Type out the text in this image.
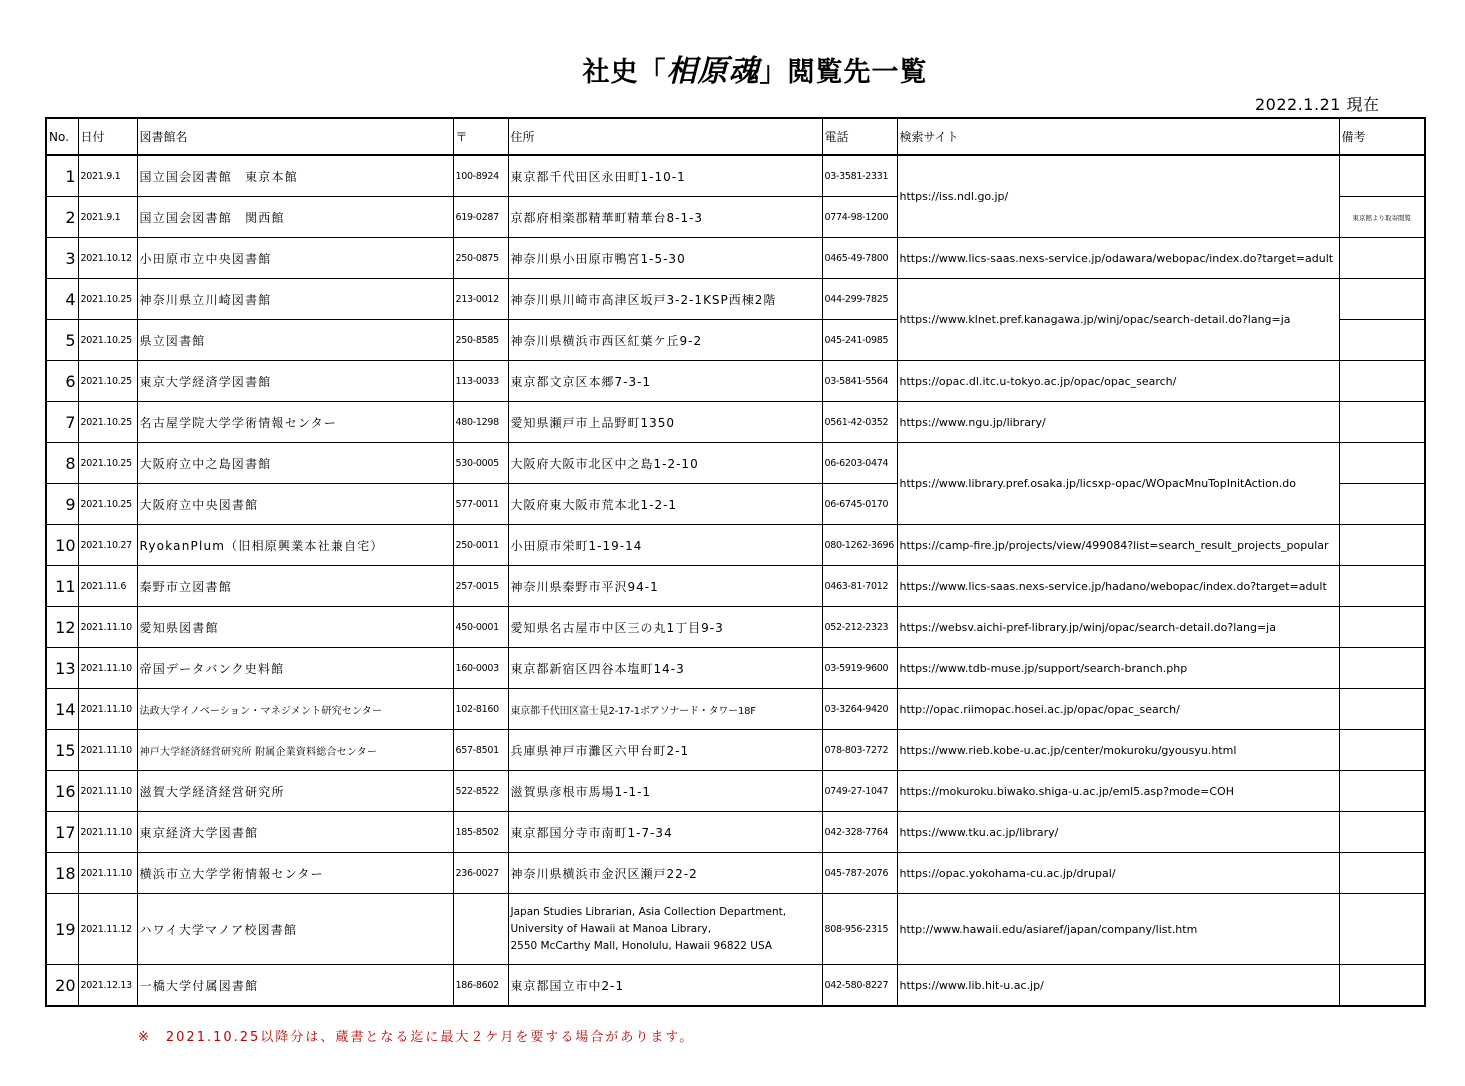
社史「相原魂」閲覧先一覧
2022.1.21 現在
No.	日付	図書館名	〒	住所	電話	検索サイト	備考
1	2021.9.1	国立国会図書館　東京本館	100-8924	東京都千代田区永田町1-10-1	03-3581-2331	https://iss.ndl.go.jp/	
2	2021.9.1	国立国会図書館　関西館	619-0287	京都府相楽郡精華町精華台8-1-3	0774-98-1200		東京館より取寄閲覧
3	2021.10.12	小田原市立中央図書館	250-0875	神奈川県小田原市鴨宮1-5-30	0465-49-7800	https://www.lics-saas.nexs-service.jp/odawara/webopac/index.do?target=adult	
4	2021.10.25	神奈川県立川崎図書館	213-0012	神奈川県川崎市高津区坂戸3-2-1KSP西棟2階	044-299-7825	https://www.klnet.pref.kanagawa.jp/winj/opac/search-detail.do?lang=ja	
5	2021.10.25	県立図書館	250-8585	神奈川県横浜市西区紅葉ケ丘9-2	045-241-0985		
6	2021.10.25	東京大学経済学図書館	113-0033	東京都文京区本郷7-3-1	03-5841-5564	https://opac.dl.itc.u-tokyo.ac.jp/opac/opac_search/	
7	2021.10.25	名古屋学院大学学術情報センター	480-1298	愛知県瀬戸市上品野町1350	0561-42-0352	https://www.ngu.jp/library/	
8	2021.10.25	大阪府立中之島図書館	530-0005	大阪府大阪市北区中之島1-2-10	06-6203-0474	https://www.library.pref.osaka.jp/licsxp-opac/WOpacMnuTopInitAction.do	
9	2021.10.25	大阪府立中央図書館	577-0011	大阪府東大阪市荒本北1-2-1	06-6745-0170		
10	2021.10.27	RyokanPlum（旧相原興業本社兼自宅）	250-0011	小田原市栄町1-19-14	080-1262-3696	https://camp-fire.jp/projects/view/499084?list=search_result_projects_popular	
11	2021.11.6	秦野市立図書館	257-0015	神奈川県秦野市平沢94-1	0463-81-7012	https://www.lics-saas.nexs-service.jp/hadano/webopac/index.do?target=adult	
12	2021.11.10	愛知県図書館	450-0001	愛知県名古屋市中区三の丸1丁目9-3	052-212-2323	https://websv.aichi-pref-library.jp/winj/opac/search-detail.do?lang=ja	
13	2021.11.10	帝国データバンク史料館	160-0003	東京都新宿区四谷本塩町14-3	03-5919-9600	https://www.tdb-muse.jp/support/search-branch.php	
14	2021.11.10	法政大学イノベーション・マネジメント研究センター	102-8160	東京都千代田区富士見2-17-1ボアソナード・タワー18F	03-3264-9420	http://opac.riimopac.hosei.ac.jp/opac/opac_search/	
15	2021.11.10	神戸大学経済経営研究所 附属企業資料総合センター	657-8501	兵庫県神戸市灘区六甲台町2-1	078-803-7272	https://www.rieb.kobe-u.ac.jp/center/mokuroku/gyousyu.html	
16	2021.11.10	滋賀大学経済経営研究所	522-8522	滋賀県彦根市馬場1-1-1	0749-27-1047	https://mokuroku.biwako.shiga-u.ac.jp/eml5.asp?mode=COH	
17	2021.11.10	東京経済大学図書館	185-8502	東京都国分寺市南町1-7-34	042-328-7764	https://www.tku.ac.jp/library/	
18	2021.11.10	横浜市立大学学術情報センター	236-0027	神奈川県横浜市金沢区瀬戸22-2	045-787-2076	https://opac.yokohama-cu.ac.jp/drupal/	
19	2021.11.12	ハワイ大学マノア校図書館		Japan Studies Librarian, Asia Collection Department,
University of Hawaii at Manoa Library,
2550 McCarthy Mall, Honolulu, Hawaii 96822 USA	808-956-2315	http://www.hawaii.edu/asiaref/japan/company/list.htm	
20	2021.12.13	一橋大学付属図書館	186-8602	東京都国立市中2-1	042-580-8227	https://www.lib.hit-u.ac.jp/	
※　2021.10.25以降分は、蔵書となる迄に最大２ケ月を要する場合があります。
